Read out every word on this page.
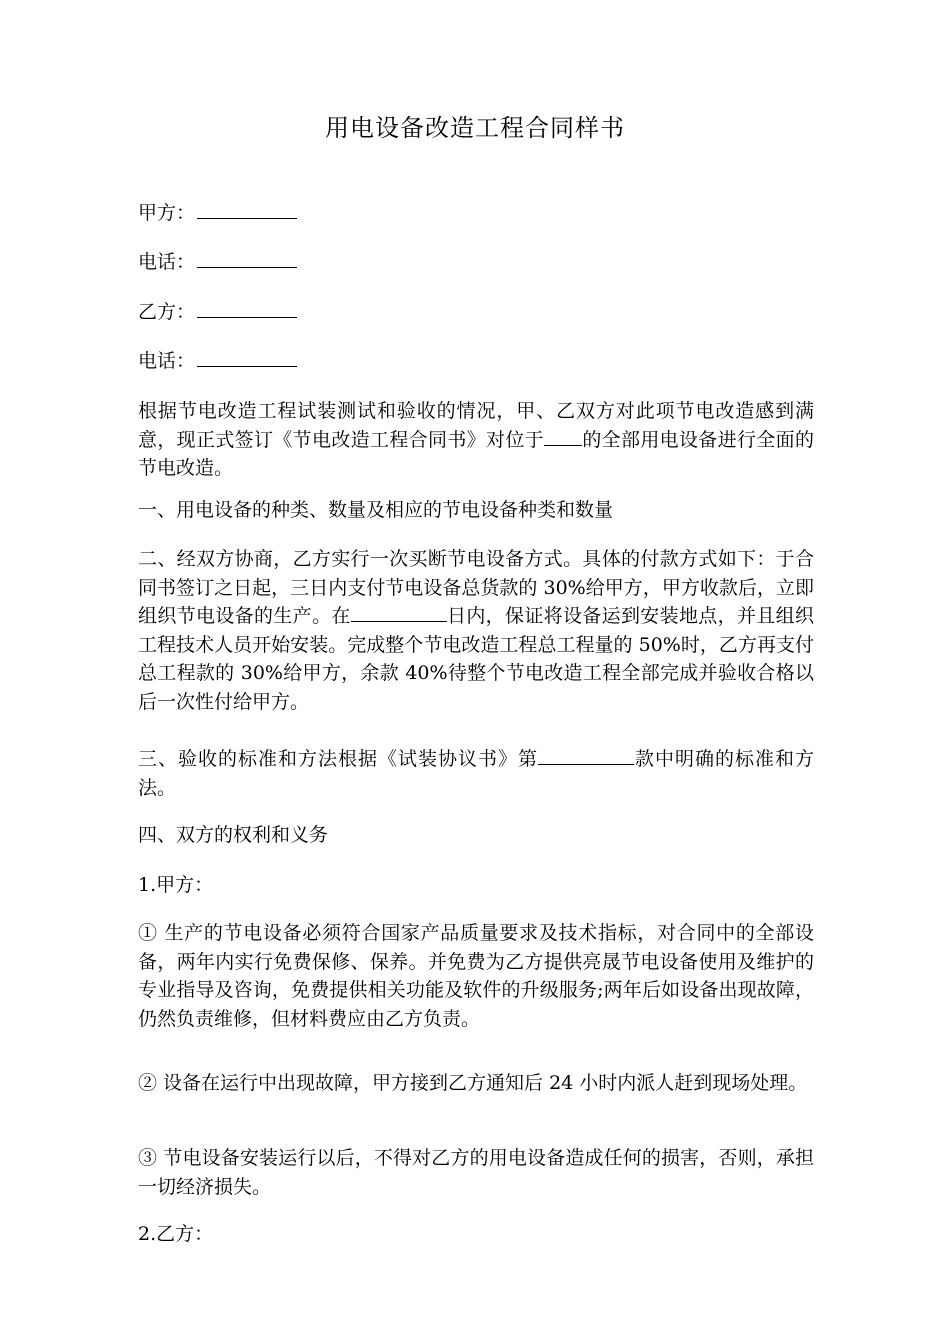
用电设备改造工程合同样书
甲方：
电话：
乙方：
电话：
根据节电改造工程试装测试和验收的情况，甲、乙双方对此项节电改造感到满意，现正式签订《节电改造工程合同书》对位于 的全部用电设备进行全面的节电改造。
一、用电设备的种类、数量及相应的节电设备种类和数量
二、经双方协商，乙方实行一次买断节电设备方式。具体的付款方式如下：于合同书签订之日起，三日内支付节电设备总货款的 30%给甲方，甲方收款后，立即组织节电设备的生产。在	日内，保证将设备运到安装地点，并且组织工程技术人员开始安装。完成整个节电改造工程总工程量的 50%时，乙方再支付总工程款的 30%给甲方，余款 40%待整个节电改造工程全部完成并验收合格以后一次性付给甲方。
三、验收的标准和方法根据《试装协议书》第	款中明确的标准和方法。
四、双方的权利和义务
1.甲方：
① 生产的节电设备必须符合国家产品质量要求及技术指标，对合同中的全部设备，两年内实行免费保修、保养。并免费为乙方提供亮晟节电设备使用及维护的专业指导及咨询，免费提供相关功能及软件的升级服务;两年后如设备出现故障，仍然负责维修，但材料费应由乙方负责。
② 设备在运行中出现故障，甲方接到乙方通知后 24 小时内派人赶到现场处理。
③ 节电设备安装运行以后，不得对乙方的用电设备造成任何的损害，否则，承担一切经济损失。
2.乙方：
